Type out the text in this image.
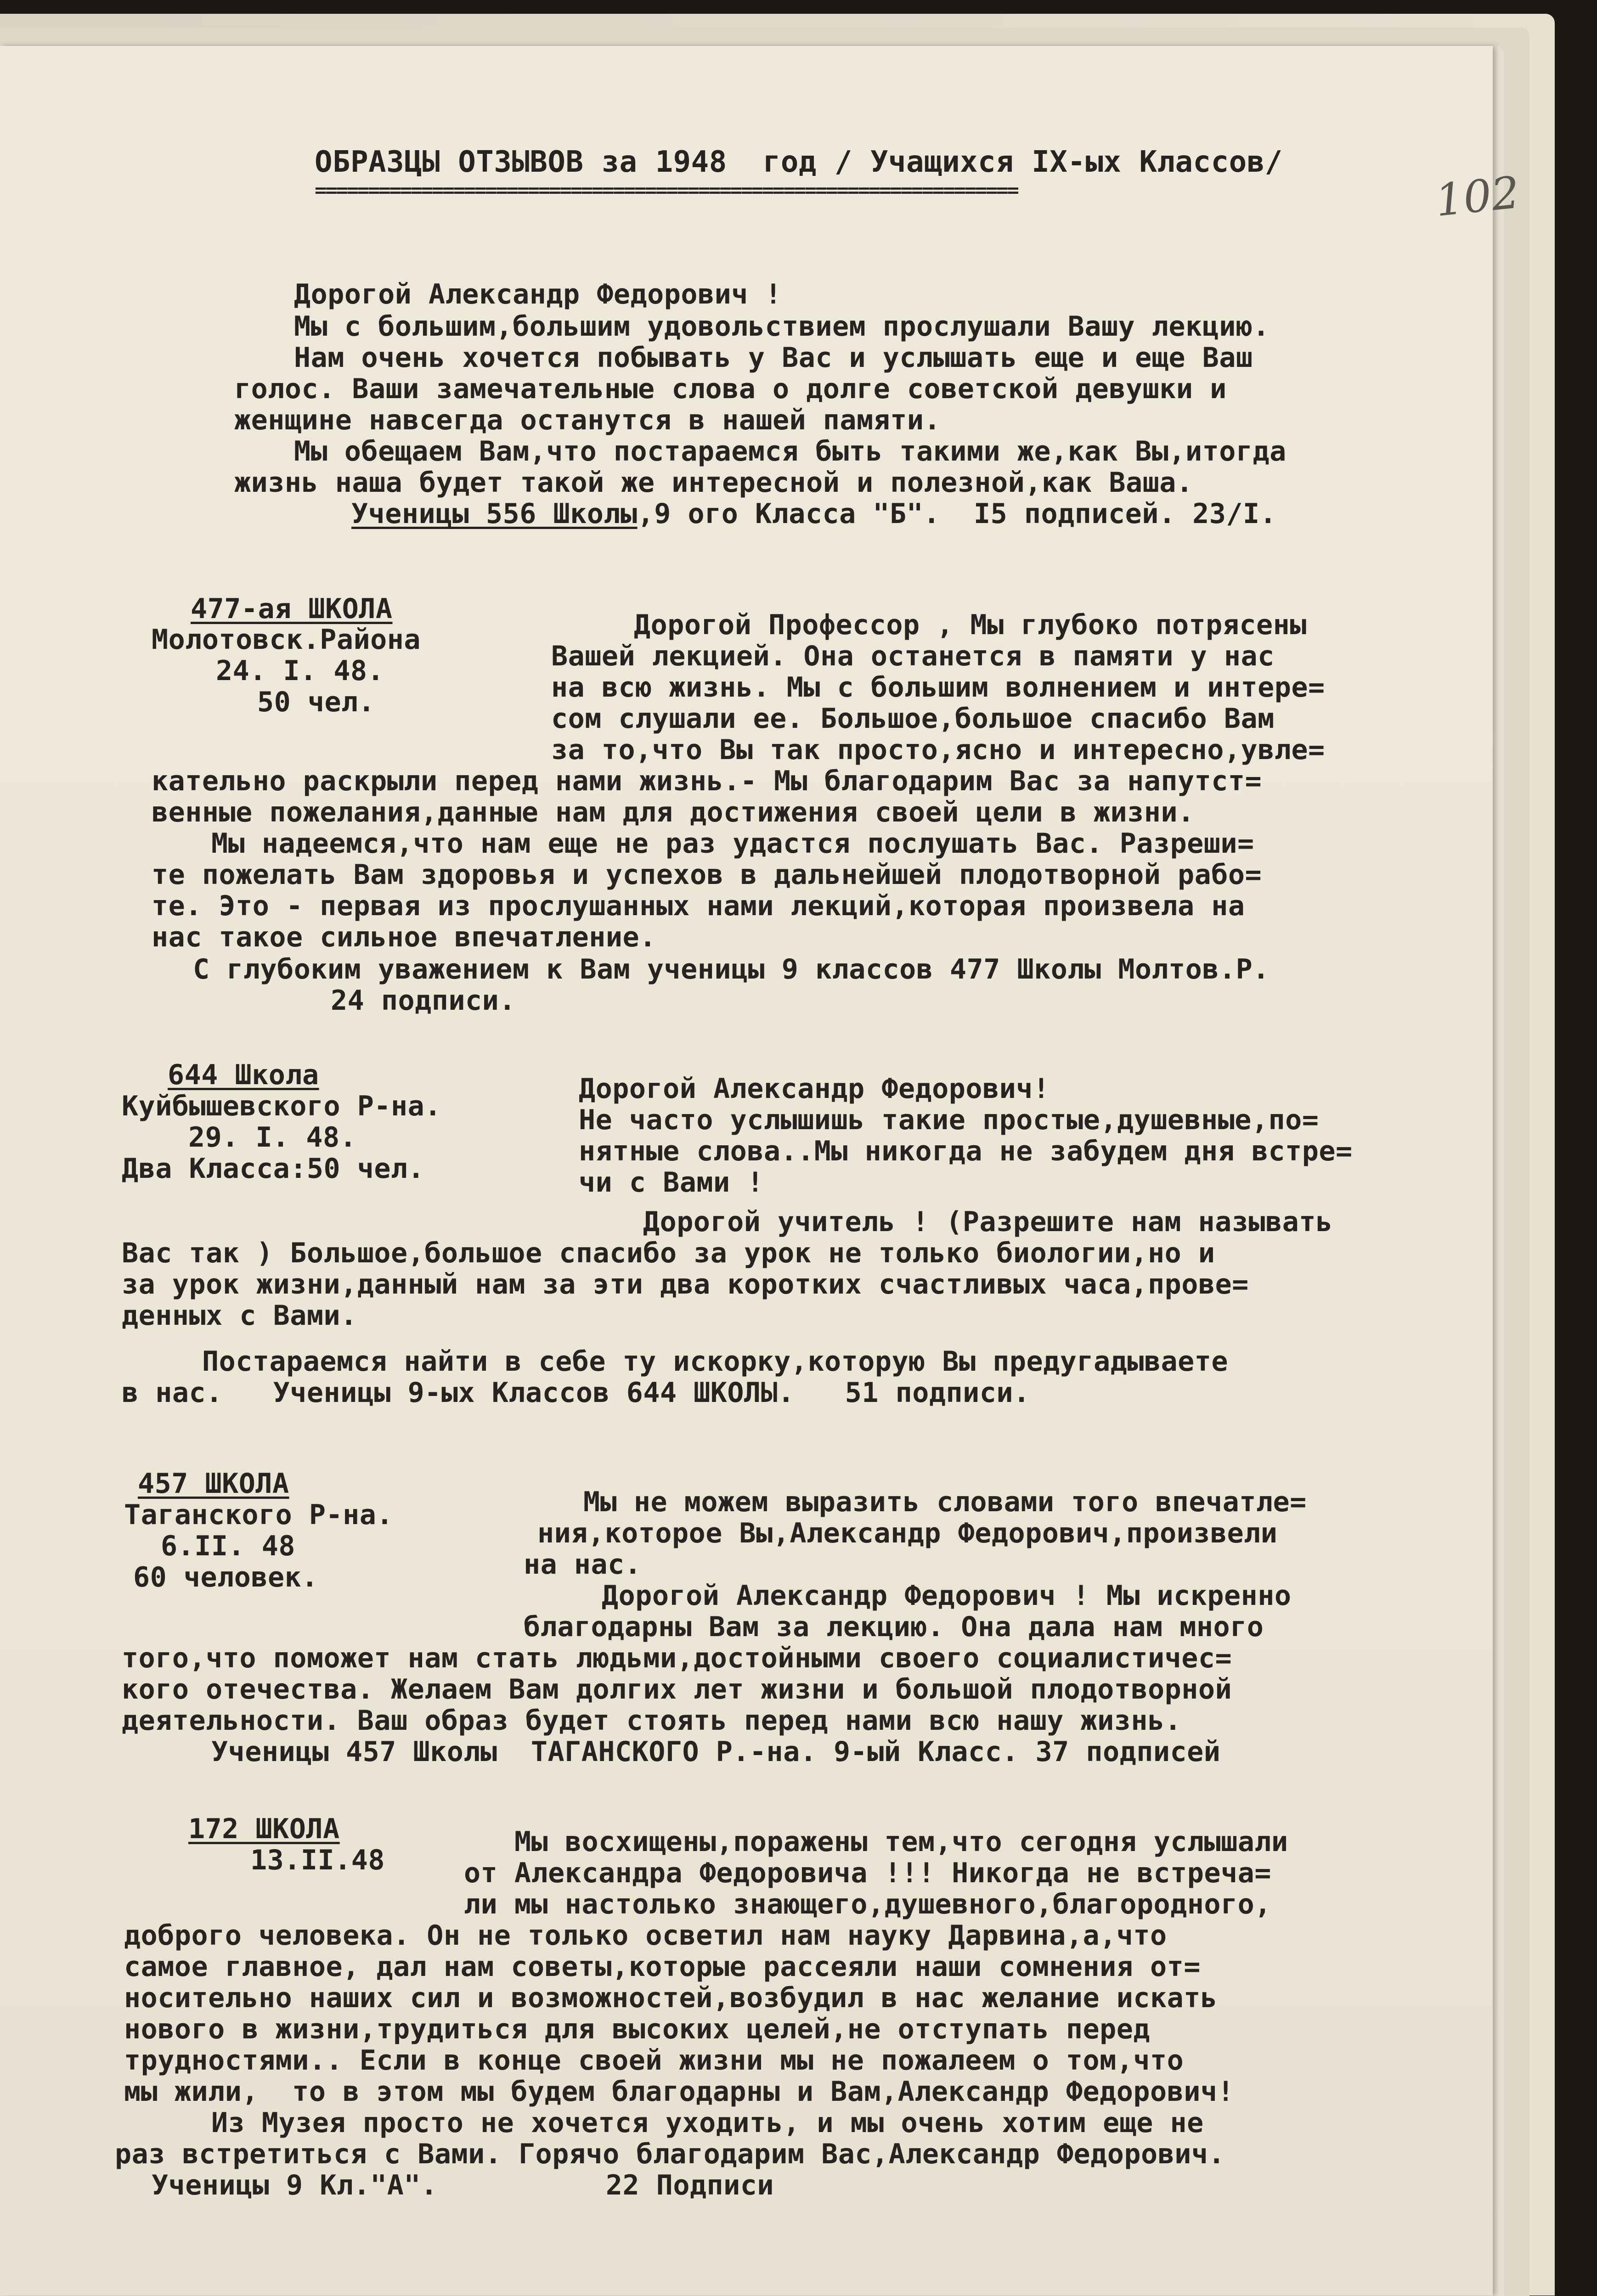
102
ОБРАЗЦЫ ОТЗЫВОВ за 1948  год / Учащихся IX-ых Классов/
==================================================================
Дорогой Александр Федорович !
Мы с большим,большим удовольствием прослушали Вашу лекцию.
Нам очень хочется побывать у Вас и услышать еще и еще Ваш
голос. Ваши замечательные слова о долге советской девушки и
женщине навсегда останутся в нашей памяти.
Мы обещаем Вам,что постараемся быть такими же,как Вы,итогда
жизнь наша будет такой же интересной и полезной,как Ваша.
Ученицы 556 Школы,9 ого Класса "Б".  I5 подписей. 23/I.
477-ая ШКОЛА
Молотовск.Района
24. I. 48.
50 чел.
Дорогой Профессор , Мы глубоко потрясены
Вашей лекцией. Она останется в памяти у нас
на всю жизнь. Мы с большим волнением и интере=
сом слушали ее. Большое,большое спасибо Вам
за то,что Вы так просто,ясно и интересно,увле=
кательно раскрыли перед нами жизнь.- Мы благодарим Вас за напутст=
венные пожелания,данные нам для достижения своей цели в жизни.
Мы надеемся,что нам еще не раз удастся послушать Вас. Разреши=
те пожелать Вам здоровья и успехов в дальнейшей плодотворной рабо=
те. Это - первая из прослушанных нами лекций,которая произвела на
нас такое сильное впечатление.
С глубоким уважением к Вам ученицы 9 классов 477 Школы Молтов.Р.
24 подписи.
644 Школа
Куйбышевского Р-на.
29. I. 48.
Два Класса:50 чел.
Дорогой Александр Федорович!
Не часто услышишь такие простые,душевные,по=
нятные слова..Мы никогда не забудем дня встре=
чи с Вами !
Дорогой учитель ! (Разрешите нам называть
Вас так ) Большое,большое спасибо за урок не только биологии,но и
за урок жизни,данный нам за эти два коротких счастливых часа,прове=
денных с Вами.
Постараемся найти в себе ту искорку,которую Вы предугадываете
в нас.   Ученицы 9-ых Классов 644 ШКОЛЫ.   51 подписи.
457 ШКОЛА
Таганского Р-на.
6.II. 48
60 человек.
Мы не можем выразить словами того впечатле=
ния,которое Вы,Александр Федорович,произвели
на нас.
Дорогой Александр Федорович ! Мы искренно
благодарны Вам за лекцию. Она дала нам много
того,что поможет нам стать людьми,достойными своего социалистичес=
кого отечества. Желаем Вам долгих лет жизни и большой плодотворной
деятельности. Ваш образ будет стоять перед нами всю нашу жизнь.
Ученицы 457 Школы  ТАГАНСКОГО Р.-на. 9-ый Класс. 37 подписей
172 ШКОЛА
13.II.48
Мы восхищены,поражены тем,что сегодня услышали
от Александра Федоровича !!! Никогда не встреча=
ли мы настолько знающего,душевного,благородного,
доброго человека. Он не только осветил нам науку Дарвина,а,что
самое главное, дал нам советы,которые рассеяли наши сомнения от=
носительно наших сил и возможностей,возбудил в нас желание искать
нового в жизни,трудиться для высоких целей,не отступать перед
трудностями.. Если в конце своей жизни мы не пожалеем о том,что
мы жили,  то в этом мы будем благодарны и Вам,Александр Федорович!
Из Музея просто не хочется уходить, и мы очень хотим еще не
раз встретиться с Вами. Горячо благодарим Вас,Александр Федорович.
Ученицы 9 Кл."А".          22 Подписи
